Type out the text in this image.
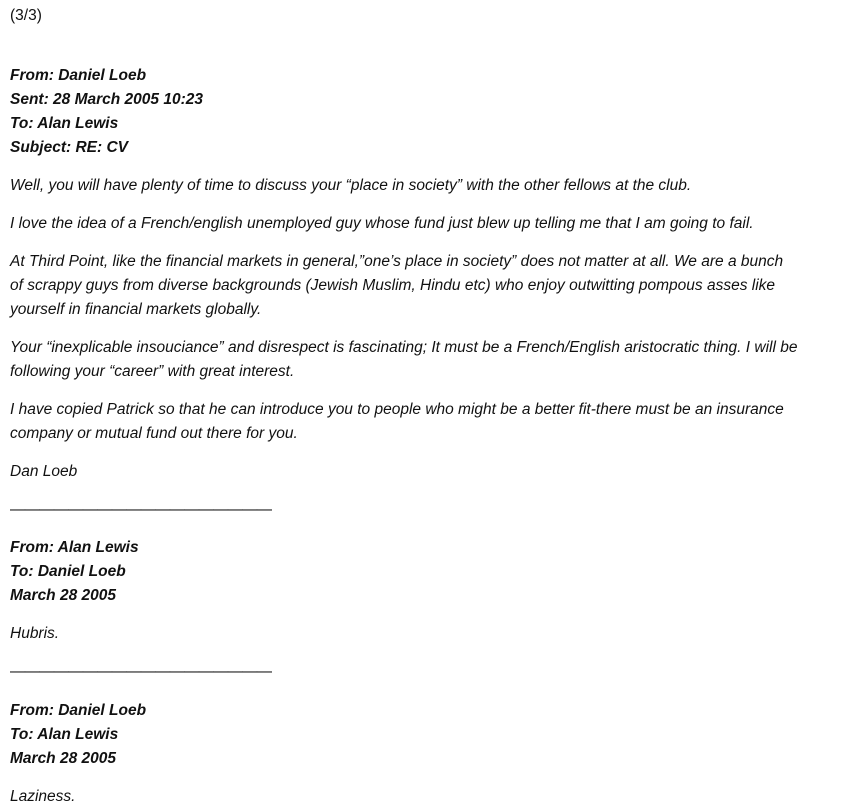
(3/3)
From: Daniel Loeb
Sent: 28 March 2005 10:23
To: Alan Lewis
Subject: RE: CV
Well, you will have plenty of time to discuss your “place in society” with the other fellows at the club.
I love the idea of a French/english unemployed guy whose fund just blew up telling me that I am going to fail.
At Third Point, like the financial markets in general,”one’s place in society” does not matter at all. We are a bunch
of scrappy guys from diverse backgrounds (Jewish Muslim, Hindu etc) who enjoy outwitting pompous asses like
yourself in financial markets globally.
Your “inexplicable insouciance” and disrespect is fascinating; It must be a French/English aristocratic thing. I will be
following your “career” with great interest.
I have copied Patrick so that he can introduce you to people who might be a better fit-there must be an insurance
company or mutual fund out there for you.
Dan Loeb
——————————————————
From: Alan Lewis
To: Daniel Loeb
March 28 2005
Hubris.
——————————————————
From: Daniel Loeb
To: Alan Lewis
March 28 2005
Laziness.
